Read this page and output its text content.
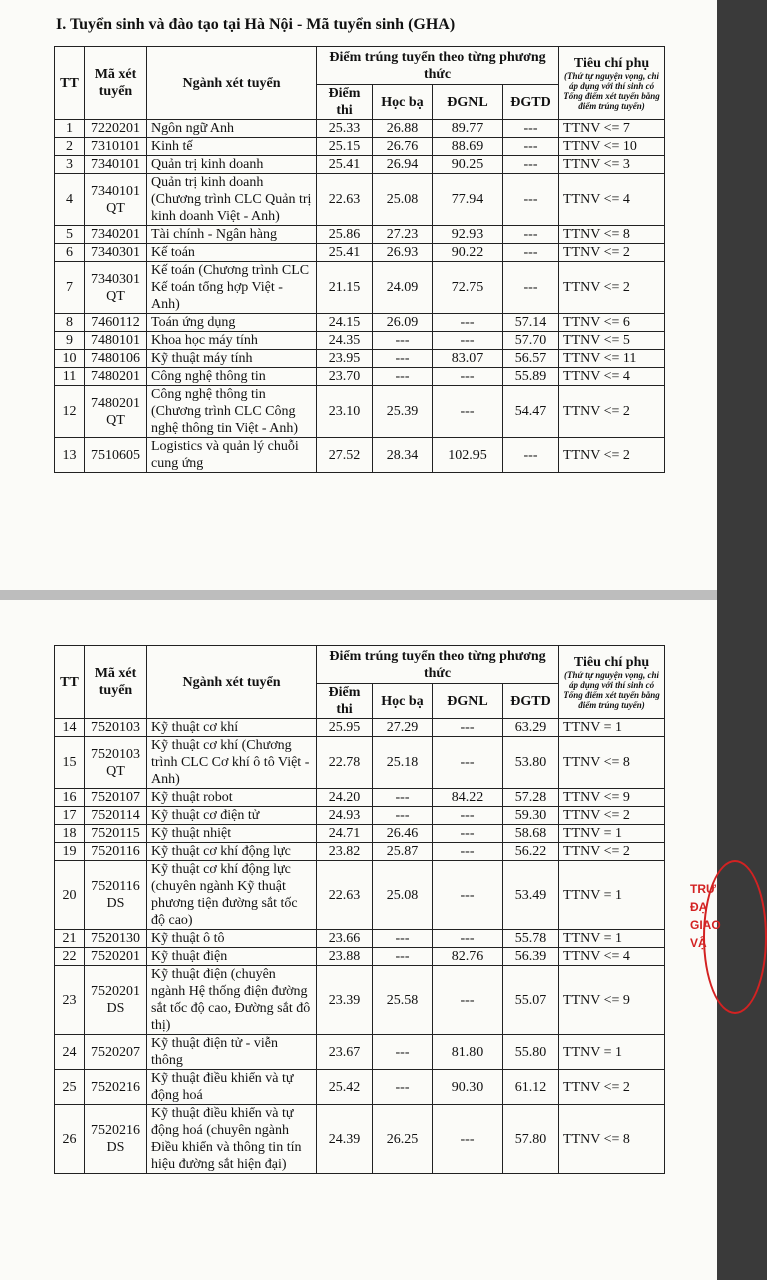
I. Tuyển sinh và đào tạo tại Hà Nội - Mã tuyển sinh (GHA)
TT	Mã xét tuyển	Ngành xét tuyển	Điểm trúng tuyển theo từng phương thức				Tiêu chí phụ
(Thứ tự nguyện vọng, chỉ áp dụng với thí sinh có Tổng điểm xét tuyển bằng điểm trúng tuyển)

			Điểm thi	Học bạ	ĐGNL	ĐGTD	
1	7220201	Ngôn ngữ Anh	25.33	26.88	89.77	---	TTNV <= 7
2	7310101	Kinh tế	25.15	26.76	88.69	---	TTNV <= 10
3	7340101	Quản trị kinh doanh	25.41	26.94	90.25	---	TTNV <= 3
4	7340101 QT	Quản trị kinh doanh (Chương trình CLC Quản trị kinh doanh Việt - Anh)	22.63	25.08	77.94	---	TTNV <= 4
5	7340201	Tài chính - Ngân hàng	25.86	27.23	92.93	---	TTNV <= 8
6	7340301	Kế toán	25.41	26.93	90.22	---	TTNV <= 2
7	7340301 QT	Kế toán (Chương trình CLC Kế toán tổng hợp Việt - Anh)	21.15	24.09	72.75	---	TTNV <= 2
8	7460112	Toán ứng dụng	24.15	26.09	---	57.14	TTNV <= 6
9	7480101	Khoa học máy tính	24.35	---	---	57.70	TTNV <= 5
10	7480106	Kỹ thuật máy tính	23.95	---	83.07	56.57	TTNV <= 11
11	7480201	Công nghệ thông tin	23.70	---	---	55.89	TTNV <= 4
12	7480201 QT	Công nghệ thông tin (Chương trình CLC Công nghệ thông tin Việt - Anh)	23.10	25.39	---	54.47	TTNV <= 2
13	7510605	Logistics và quản lý chuỗi cung ứng	27.52	28.34	102.95	---	TTNV <= 2
TT	Mã xét tuyển	Ngành xét tuyển	Điểm trúng tuyển theo từng phương thức				Tiêu chí phụ
(Thứ tự nguyện vọng, chỉ áp dụng với thí sinh có Tổng điểm xét tuyển bằng điểm trúng tuyển)

			Điểm thi	Học bạ	ĐGNL	ĐGTD	
14	7520103	Kỹ thuật cơ khí	25.95	27.29	---	63.29	TTNV = 1
15	7520103 QT	Kỹ thuật cơ khí (Chương trình CLC Cơ khí ô tô Việt - Anh)	22.78	25.18	---	53.80	TTNV <= 8
16	7520107	Kỹ thuật robot	24.20	---	84.22	57.28	TTNV <= 9
17	7520114	Kỹ thuật cơ điện tử	24.93	---	---	59.30	TTNV <= 2
18	7520115	Kỹ thuật nhiệt	24.71	26.46	---	58.68	TTNV = 1
19	7520116	Kỹ thuật cơ khí động lực	23.82	25.87	---	56.22	TTNV <= 2
20	7520116 DS	Kỹ thuật cơ khí động lực (chuyên ngành Kỹ thuật phương tiện đường sắt tốc độ cao)	22.63	25.08	---	53.49	TTNV = 1
21	7520130	Kỹ thuật ô tô	23.66	---	---	55.78	TTNV = 1
22	7520201	Kỹ thuật điện	23.88	---	82.76	56.39	TTNV <= 4
23	7520201 DS	Kỹ thuật điện (chuyên ngành Hệ thống điện đường sắt tốc độ cao, Đường sắt đô thị)	23.39	25.58	---	55.07	TTNV <= 9
24	7520207	Kỹ thuật điện tử - viễn thông	23.67	---	81.80	55.80	TTNV = 1
25	7520216	Kỹ thuật điều khiển và tự động hoá	25.42	---	90.30	61.12	TTNV <= 2
26	7520216 DS	Kỹ thuật điều khiển và tự động hoá (chuyên ngành Điều khiển và thông tin tín hiệu đường sắt hiện đại)	24.39	26.25	---	57.80	TTNV <= 8
TRƯ ĐẠ GIAO VẬ
